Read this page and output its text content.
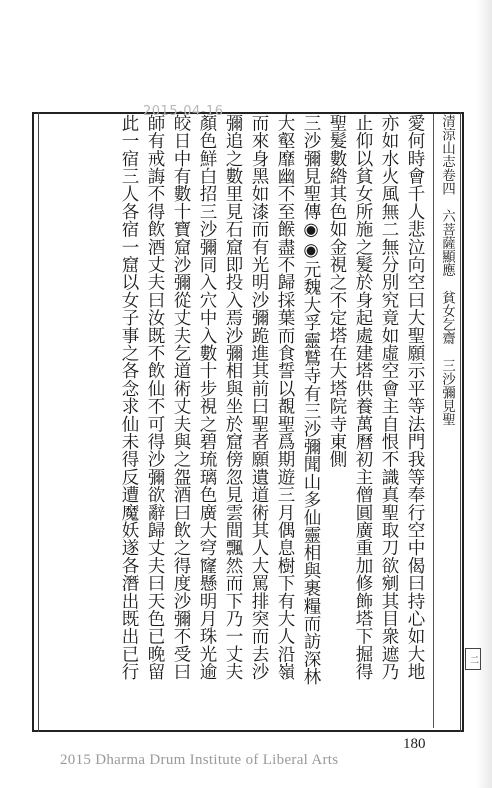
清涼山志卷四六菩薩顯應貧女乞齋三沙彌見聖
愛何時會千人悲泣向空曰大聖願示平等法門我等奉行空中偈曰持心如大地
亦如水火風無二無分別究竟如虛空會主自恨不識真聖取刀欲剜其目衆遮乃
止仰以貧女所施之髮於身起處建塔供養萬曆初主僧圓廣重加修飾塔下掘得
聖髮數綹其色如金視之不定塔在大塔院寺東側
三沙彌見聖傳◉◉元魏大孚靈鷲寺有三沙彌聞山多仙靈相與裹糧而訪深林
大壑靡幽不至餱盡不歸採葉而食誓以覩聖爲期遊三月偶息樹下有大人沿嶺
而來身黑如漆而有光明沙彌跪進其前曰聖者願遺道術其人大罵排突而去沙
彌追之數里見石窟即投入焉沙彌相與坐於窟傍忽見雲間飄然而下乃一丈夫
顏色鮮白招三沙彌同入穴中入數十步視之碧琉璃色廣大穹窿懸明月珠光逾
皎日中有數十寶窟沙彌從丈夫乞道術丈夫與之盌酒曰飲之得度沙彌不受曰
師有戒誨不得飲酒丈夫曰汝既不飲仙不可得沙彌欲辭歸丈夫曰天色已晚留
此一宿三人各宿一窟以女子事之各念求仙未得反遭魔妖遂各潛出既出已行	二
2015-04-16
180
2015 Dharma Drum Institute of Liberal Arts
